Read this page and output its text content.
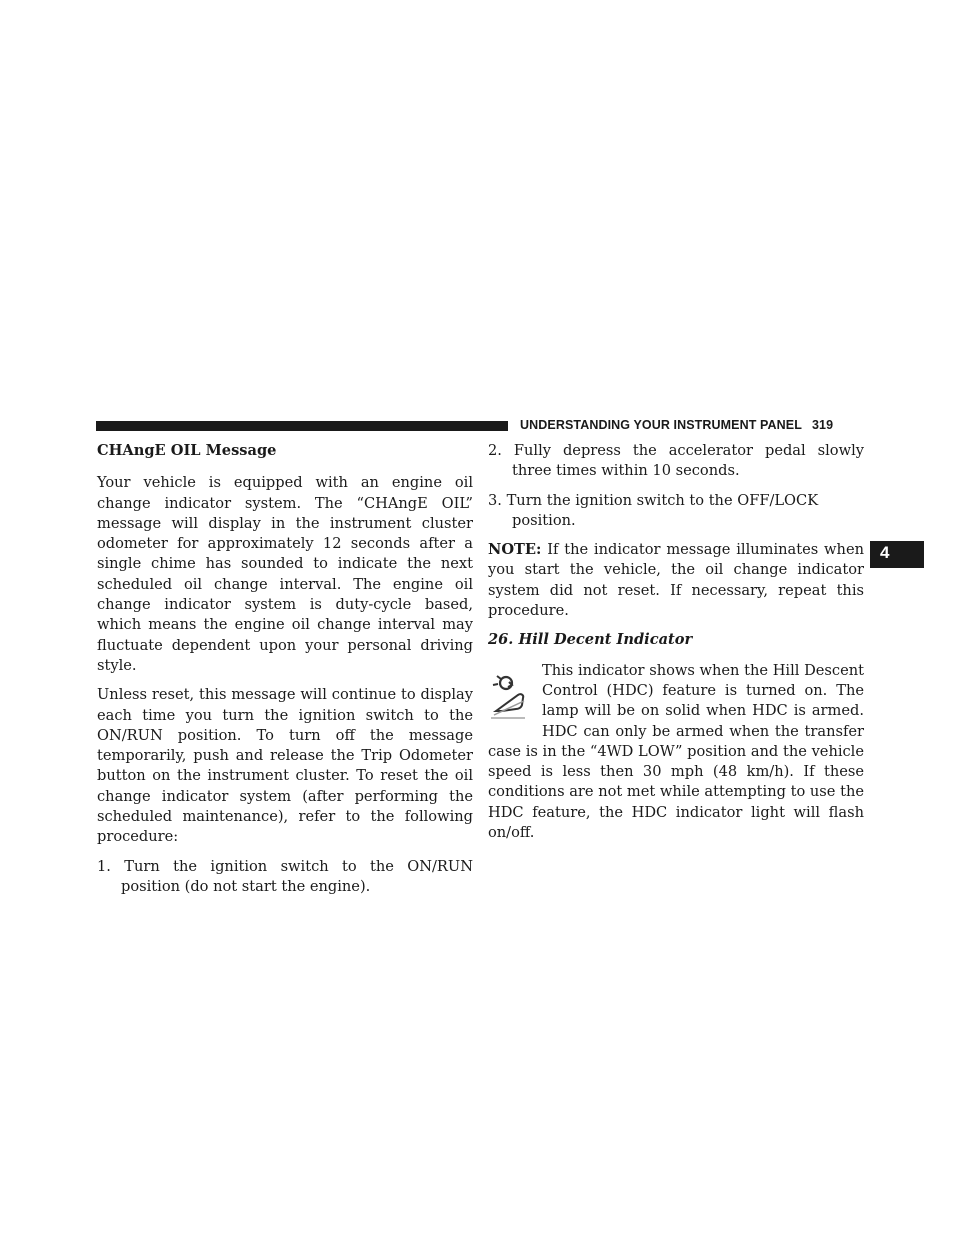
UNDERSTANDING YOUR INSTRUMENT PANEL 319
4

CHAngE OIL Message

Your vehicle is equipped with an engine oil change indicator system. The “CHAngE OIL” message will display in the instrument cluster odometer for approximately 12 seconds after a single chime has sounded to indicate the next scheduled oil change interval. The engine oil change indicator system is duty-cycle based, which means the engine oil change interval may fluctuate dependent upon your personal driving style.

Unless reset, this message will continue to display each time you turn the ignition switch to the ON/RUN position. To turn off the message temporarily, push and release the Trip Odometer button on the instrument cluster. To reset the oil change indicator system (after performing the scheduled maintenance), refer to the following procedure:

1. Turn the ignition switch to the ON/RUN position (do not start the engine).

2. Fully depress the accelerator pedal slowly three times within 10 seconds.

3. Turn the ignition switch to the OFF/LOCK position.

NOTE: If the indicator message illuminates when you start the vehicle, the oil change indicator system did not reset. If necessary, repeat this procedure.

26. Hill Decent Indicator

This indicator shows when the Hill Descent Control (HDC) feature is turned on. The lamp will be on solid when HDC is armed. HDC can only be armed when the transfer case is in the “4WD LOW” position and the vehicle speed is less then 30 mph (48 km/h). If these conditions are not met while attempting to use the HDC feature, the HDC indicator light will flash on/off.
